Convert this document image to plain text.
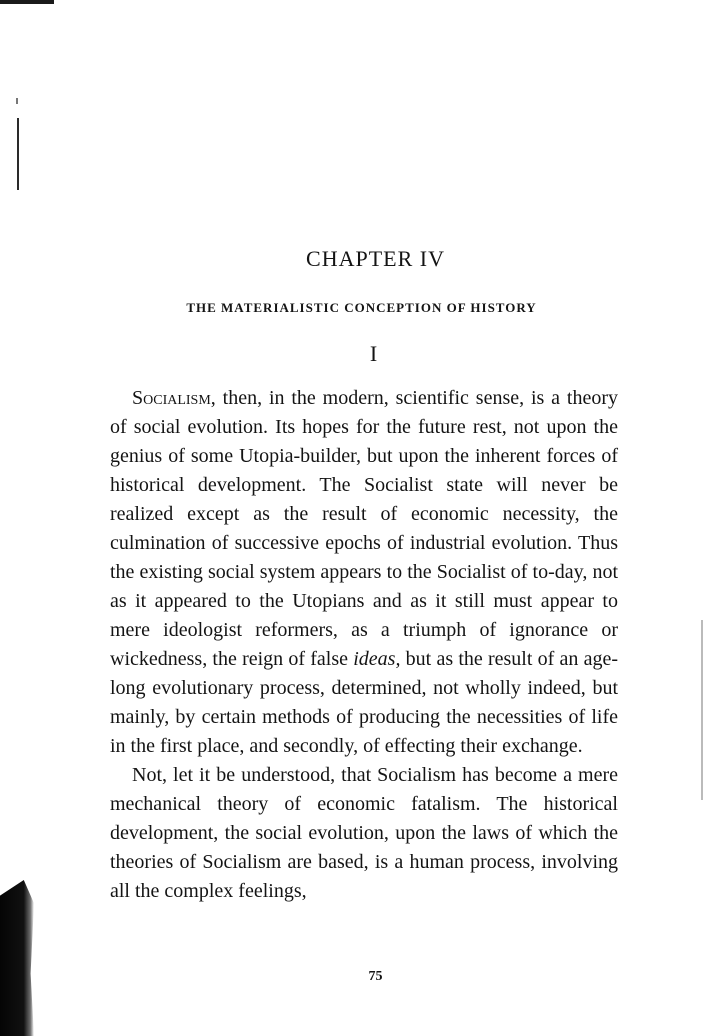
CHAPTER IV
THE MATERIALISTIC CONCEPTION OF HISTORY
I

Socialism, then, in the modern, scientific sense, is a theory of social evolution. Its hopes for the future rest, not upon the genius of some Utopia-builder, but upon the inherent forces of historical development. The Socialist state will never be realized except as the result of economic necessity, the culmination of successive epochs of industrial evolution. Thus the existing social system appears to the Socialist of to-day, not as it appeared to the Utopians and as it still must appear to mere ideologist reformers, as a triumph of ignorance or wickedness, the reign of false ideas, but as the result of an age-long evolutionary process, determined, not wholly indeed, but mainly, by certain methods of producing the necessities of life in the first place, and secondly, of effecting their exchange.

Not, let it be understood, that Socialism has become a mere mechanical theory of economic fatalism. The historical development, the social evolution, upon the laws of which the theories of Socialism are based, is a human process, involving all the complex feelings,

75
